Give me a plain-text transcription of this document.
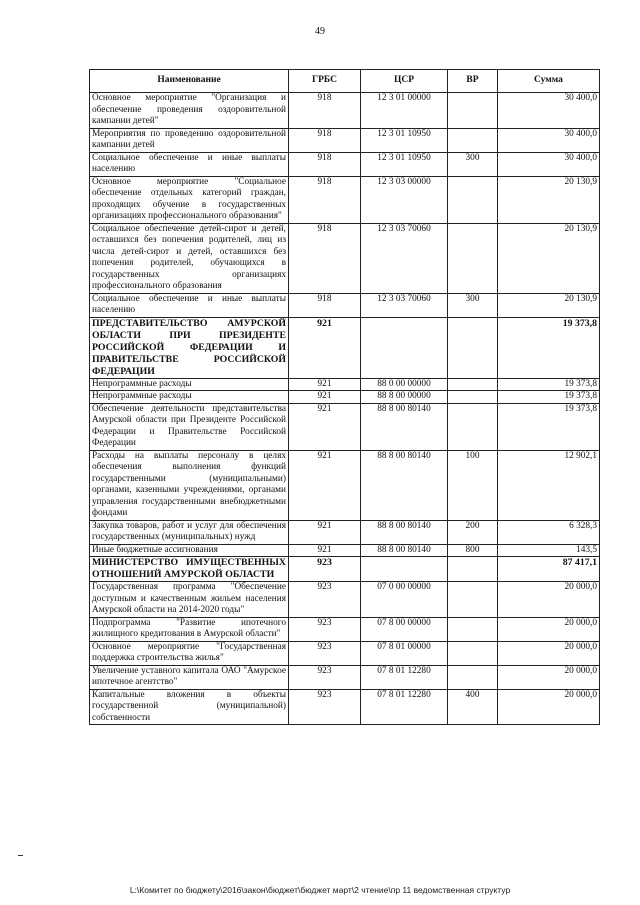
49
Наименование	ГРБС	ЦСР	ВР	Сумма
Основное мероприятие "Организация и обеспечение проведения оздоровительной кампании детей"	918	12 3 01 00000		30 400,0
Мероприятия по проведению оздоровительной кампании детей	918	12 3 01 10950		30 400,0
Социальное обеспечение и иные выплаты населению	918	12 3 01 10950	300	30 400,0
Основное мероприятие "Социальное обеспечение отдельных категорий граждан, проходящих обучение в государственных организациях профессионального образования"	918	12 3 03 00000		20 130,9
Социальное обеспечение детей-сирот и детей, оставшихся без попечения родителей, лиц из числа детей-сирот и детей, оставшихся без попечения родителей, обучающихся в государственных организациях профессионального образования	918	12 3 03 70060		20 130,9
Социальное обеспечение и иные выплаты населению	918	12 3 03 70060	300	20 130,9
ПРЕДСТАВИТЕЛЬСТВО АМУРСКОЙ ОБЛАСТИ ПРИ ПРЕЗИДЕНТЕ РОССИЙСКОЙ ФЕДЕРАЦИИ И ПРАВИТЕЛЬСТВЕ РОССИЙСКОЙ ФЕДЕРАЦИИ	921			19 373,8
Непрограммные расходы	921	88 0 00 00000		19 373,8
Непрограммные расходы	921	88 8 00 00000		19 373,8
Обеспечение деятельности представительства Амурской области при Президенте Российской Федерации и Правительстве Российской Федерации	921	88 8 00 80140		19 373,8
Расходы на выплаты персоналу в целях обеспечения выполнения функций государственными (муниципальными) органами, казенными учреждениями, органами управления государственными внебюджетными фондами	921	88 8 00 80140	100	12 902,1
Закупка товаров, работ и услуг для обеспечения государственных (муниципальных) нужд	921	88 8 00 80140	200	6 328,3
Иные бюджетные ассигнования	921	88 8 00 80140	800	143,5
МИНИСТЕРСТВО ИМУЩЕСТВЕННЫХ ОТНОШЕНИЙ АМУРСКОЙ ОБЛАСТИ	923			87 417,1
Государственная программа "Обеспечение доступным и качественным жильем населения Амурской области на 2014-2020 годы"	923	07 0 00 00000		20 000,0
Подпрограмма "Развитие ипотечного жилищного кредитования в Амурской области"	923	07 8 00 00000		20 000,0
Основное мероприятие "Государственная поддержка строительства жилья"	923	07 8 01 00000		20 000,0
Увеличение уставного капитала ОАО "Амурское ипотечное агентство"	923	07 8 01 12280		20 000,0
Капитальные вложения в объекты государственной (муниципальной) собственности	923	07 8 01 12280	400	20 000,0
L:\Комитет по бюджету\2016\закон\бюджет\бюджет март\2 чтение\пр 11 ведомственная структур
